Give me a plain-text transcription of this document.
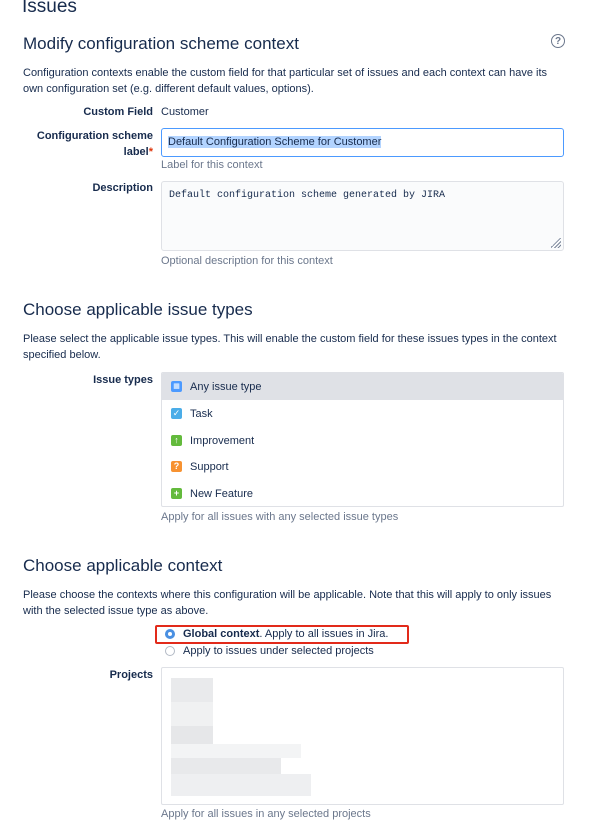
Issues
Modify configuration scheme context	?
Configuration contexts enable the custom field for that particular set of issues and each context can have its own configuration set (e.g. different default values, options).
Custom Field Customer
Configuration scheme label*
Default Configuration Scheme for Customer
Label for this context
Description
Default configuration scheme generated by JIRA
Optional description for this context
Choose applicable issue types
Please select the applicable issue types. This will enable the custom field for these issues types in the context specified below.
Issue types
▦ Any issue type
✓ Task
↑ Improvement
? Support
+ New Feature
Apply for all issues with any selected issue types
Choose applicable context
Please choose the contexts where this configuration will be applicable. Note that this will apply to only issues with the selected issue type as above.
Global context. Apply to all issues in Jira.
Apply to issues under selected projects
Projects
Apply for all issues in any selected projects
